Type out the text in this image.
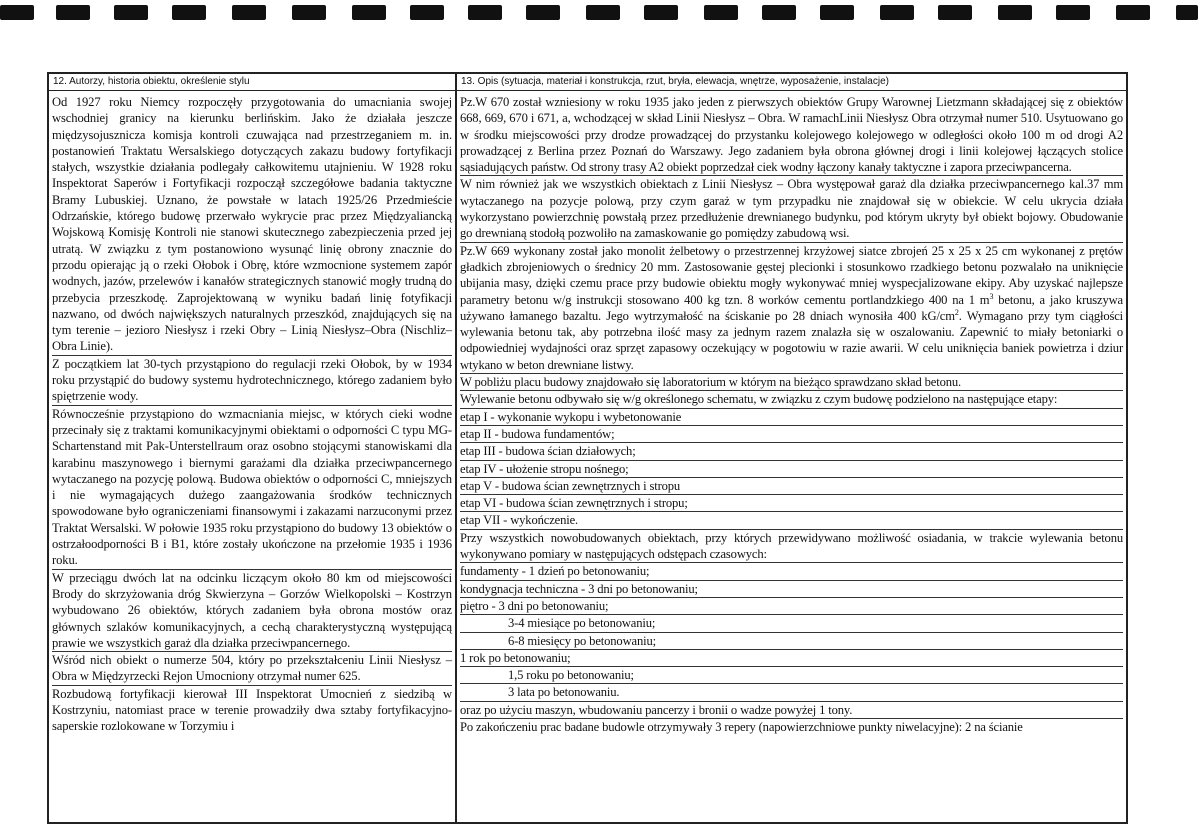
12. Autorzy, historia obiektu, określenie stylu

Od 1927 roku Niemcy rozpoczęły przygotowania do umacniania swojej wschodniej granicy na kierunku berlińskim. Jako że działała jeszcze międzysojusznicza komisja kontroli czuwająca nad przestrzeganiem m. in. postanowień Traktatu Wersalskiego dotyczących zakazu budowy fortyfikacji stałych, wszystkie działania podlegały całkowitemu utajnieniu. W 1928 roku Inspektorat Saperów i Fortyfikacji rozpoczął szczegółowe badania taktyczne Bramy Lubuskiej. Uznano, że powstałe w latach 1925/26 Przedmieście Odrzańskie, którego budowę przerwało wykrycie prac przez Międzyaliancką Wojskową Komisję Kontroli nie stanowi skutecznego zabezpieczenia przed jej utratą. W związku z tym postanowiono wysunąć linię obrony znacznie do przodu opierając ją o rzeki Ołobok i Obrę, które wzmocnione systemem zapór wodnych, jazów, przelewów i kanałów strategicznych stanowić mogły trudną do przebycia przeszkodę. Zaprojektowaną w wyniku badań linię fotyfikacji nazwano, od dwóch największych naturalnych przeszkód, znajdujących się na tym terenie – jezioro Niesłysz i rzeki Obry – Linią Niesłysz–Obra (Nischliz–Obra Linie).

Z początkiem lat 30-tych przystąpiono do regulacji rzeki Ołobok, by w 1934 roku przystąpić do budowy systemu hydrotechnicznego, którego zadaniem było spiętrzenie wody.

Równocześnie przystąpiono do wzmacniania miejsc, w których cieki wodne przecinały się z traktami komunikacyjnymi obiektami o odporności C typu MG-Schartenstand mit Pak-Unterstellraum oraz osobno stojącymi stanowiskami dla karabinu maszynowego i biernymi garażami dla działka przeciwpancernego wytaczanego na pozycję polową. Budowa obiektów o odporności C, mniejszych i nie wymagających dużego zaangażowania środków technicznych spowodowane było ograniczeniami finansowymi i zakazami narzuconymi przez Traktat Wersalski. W połowie 1935 roku przystąpiono do budowy 13 obiektów o ostrzałoodporności B i B1, które zostały ukończone na przełomie 1935 i 1936 roku.

W przeciągu dwóch lat na odcinku liczącym około 80 km od miejscowości Brody do skrzyżowania dróg Skwierzyna – Gorzów Wielkopolski – Kostrzyn wybudowano 26 obiektów, których zadaniem była obrona mostów oraz głównych szlaków komunikacyjnych, a cechą charakterystyczną występującą prawie we wszystkich garaż dla działka przeciwpancernego.

Wśród nich obiekt o numerze 504, który po przekształceniu Linii Niesłysz – Obra w Międzyrzecki Rejon Umocniony otrzymał numer 625.

Rozbudową fortyfikacji kierował III Inspektorat Umocnień z siedzibą w Kostrzyniu, natomiast prace w terenie prowadziły dwa sztaby fortyfikacyjno-saperskie rozlokowane w Torzymiu i

13. Opis (sytuacja, materiał i konstrukcja, rzut, bryła, elewacja, wnętrze, wyposażenie, instalacje)

Pz.W 670 został wzniesiony w roku 1935 jako jeden z pierwszych obiektów Grupy Warownej Lietzmann składającej się z obiektów 668, 669, 670 i 671, a, wchodzącej w skład Linii Niesłysz – Obra. W ramachLinii Niesłysz Obra otrzymał numer 510. Usytuowano go w środku miejscowości przy drodze prowadzącej do przystanku kolejowego kolejowego w odległości około 100 m od drogi A2 prowadzącej z Berlina przez Poznań do Warszawy. Jego zadaniem była obrona głównej drogi i linii kolejowej łączących stolice sąsiadujących państw. Od strony trasy A2 obiekt poprzedzał ciek wodny łączony kanały taktyczne i zapora przeciwpancerna.

W nim również jak we wszystkich obiektach z Linii Niesłysz – Obra występował garaż dla działka przeciwpancernego kal.37 mm wytaczanego na pozycje polową, przy czym garaż w tym przypadku nie znajdował się w obiekcie. W celu ukrycia działa wykorzystano powierzchnię powstałą przez przedłużenie drewnianego budynku, pod którym ukryty był obiekt bojowy. Obudowanie go drewnianą stodołą pozwoliło na zamaskowanie go pomiędzy zabudową wsi.

Pz.W 669 wykonany został jako monolit żelbetowy o przestrzennej krzyżowej siatce zbrojeń 25 x 25 x 25 cm wykonanej z prętów gładkich zbrojeniowych o średnicy 20 mm. Zastosowanie gęstej plecionki i stosunkowo rzadkiego betonu pozwalało na uniknięcie ubijania masy, dzięki czemu prace przy budowie obiektu mogły wykonywać mniej wyspecjalizowane ekipy. Aby uzyskać najlepsze parametry betonu w/g instrukcji stosowano 400 kg tzn. 8 worków cementu portlandzkiego 400 na 1 $m^3$ betonu, a jako kruszywa używano łamanego bazaltu. Jego wytrzymałość na ściskanie po 28 dniach wynosiła 400 $kG/cm^2$. Wymagano przy tym ciągłości wylewania betonu tak, aby potrzebna ilość masy za jednym razem znalazła się w oszalowaniu. Zapewnić to miały betoniarki o odpowiedniej wydajności oraz sprzęt zapasowy oczekujący w pogotowiu w razie awarii. W celu uniknięcia baniek powietrza i dziur wtykano w beton drewniane listwy.

W pobliżu placu budowy znajdowało się laboratorium w którym na bieżąco sprawdzano skład betonu.

Wylewanie betonu odbywało się w/g określonego schematu, w związku z czym budowę podzielono na następujące etapy:

etap I - wykonanie wykopu i wybetonowanie

etap II - budowa fundamentów;

etap III - budowa ścian działowych;

etap IV - ułożenie stropu nośnego;

etap V - budowa ścian zewnętrznych i stropu

etap VI - budowa ścian zewnętrznych i stropu;

etap VII - wykończenie.

Przy wszystkich nowobudowanych obiektach, przy których przewidywano możliwość osiadania, w trakcie wylewania betonu wykonywano pomiary w następujących odstępach czasowych:

fundamenty - 1 dzień po betonowaniu;

kondygnacja techniczna - 3 dni po betonowaniu;

piętro - 3 dni po betonowaniu;

3-4 miesiące po betonowaniu;

6-8 miesięcy po betonowaniu;

1 rok po betonowaniu;

1,5 roku po betonowaniu;

3 lata po betonowaniu.

oraz po użyciu maszyn, wbudowaniu pancerzy i bronii o wadze powyżej 1 tony.

Po zakończeniu prac badane budowle otrzymywały 3 repery (napowierzchniowe punkty niwelacyjne): 2 na ścianie
